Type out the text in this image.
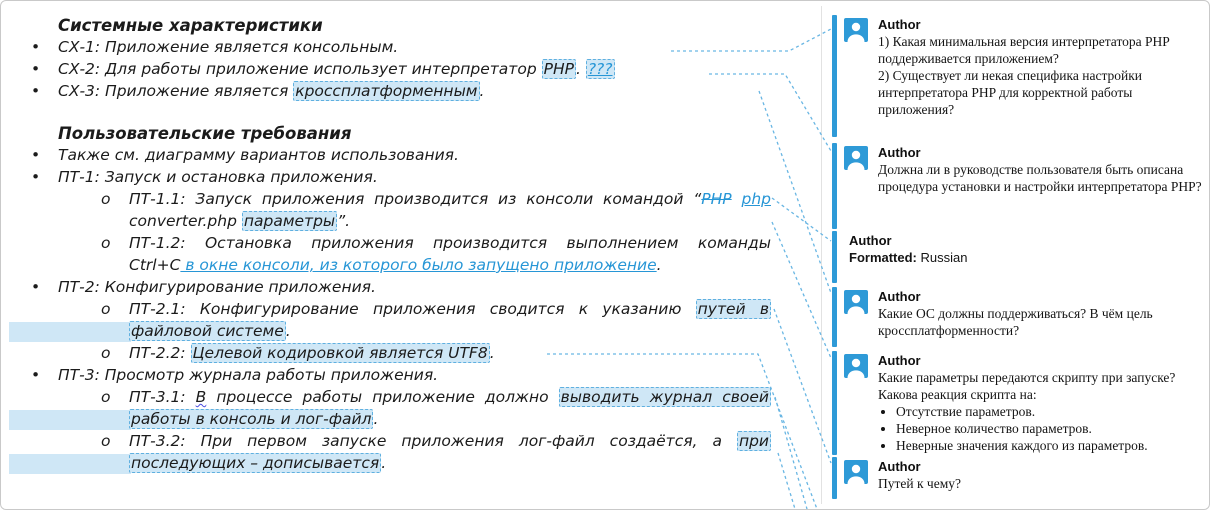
Системные характеристики
• СХ-1: Приложение является консольным.
• СХ-2: Для работы приложение использует интерпретатор PHP . ???
• СХ-3: Приложение является кроссплатформенным .
Пользовательские требования
• Также см. диаграмму вариантов использования.
• ПТ-1: Запуск и остановка приложения.
o ПТ-1.1: Запуск приложения производится из консоли командой “PHP php
converter.php параметры ”.
o ПТ-1.2: Остановка приложения производится выполнением команды
Ctrl+C в окне консоли, из которого было запущено приложение.
• ПТ-2: Конфигурирование приложения.
o ПТ-2.1: Конфигурирование приложения сводится к указанию путей в
файловой системе .
o ПТ-2.2: Целевой кодировкой является UTF8 .
• ПТ-3: Просмотр журнала работы приложения.
o ПТ-3.1: В процессе работы приложение должно выводить журнал своей
работы в консоль и лог-файл .
o ПТ-3.2: При первом запуске приложения лог-файл создаётся, а при
последующих – дописывается .
Author

1) Какая минимальная версия интерпретатора PHP поддерживается приложением?

2) Существует ли некая специфика настройки интерпретатора PHP для корректной работы приложения?

Author

Должна ли в руководстве пользователя быть описана процедура установки и настройки интерпретатора PHP?

Author
Formatted: Russian
Author

Какие ОС должны поддерживаться? В чём цель кроссплатформенности?

Author

Какие параметры передаются скрипту при запуске? Какова реакция скрипта на:

• Отсутствие параметров.
• Неверное количество параметров.
• Неверные значения каждого из параметров.
Author

Путей к чему?
